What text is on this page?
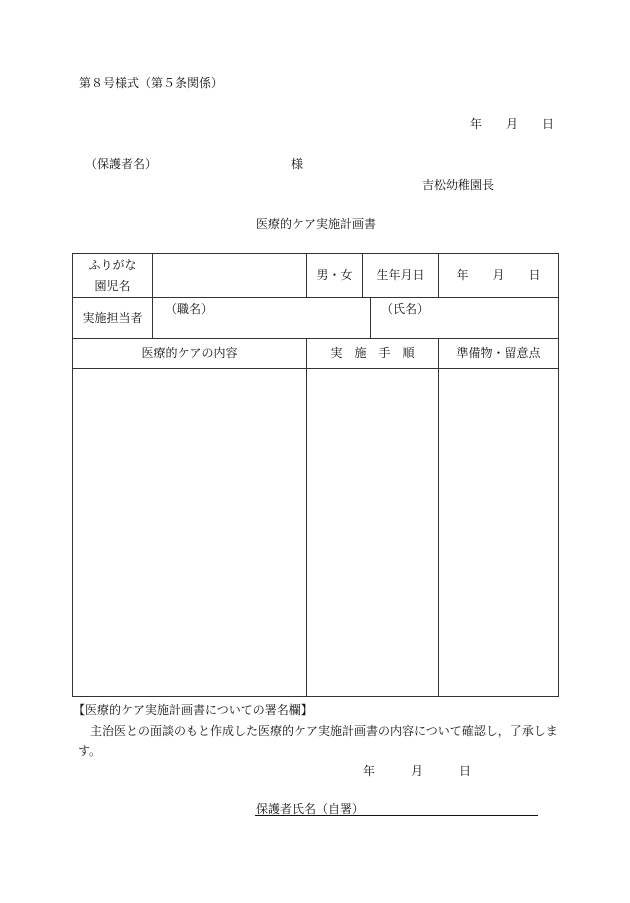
第８号様式（第５条関係）
年 月 日
（保護者名）	様
吉松幼稚園長
医療的ケア実施計画書
ふりがな
園児名		男・女	生年月日		年 月 日
実施担当者	（職名）			（氏名）	
医療的ケアの内容		実　施　手　順			準備物・留意点

【医療的ケア実施計画書についての署名欄】
主治医との面談のもと作成した医療的ケア実施計画書の内容について確認し，了承しま
す。
年	月	日
保護者氏名（自署）
